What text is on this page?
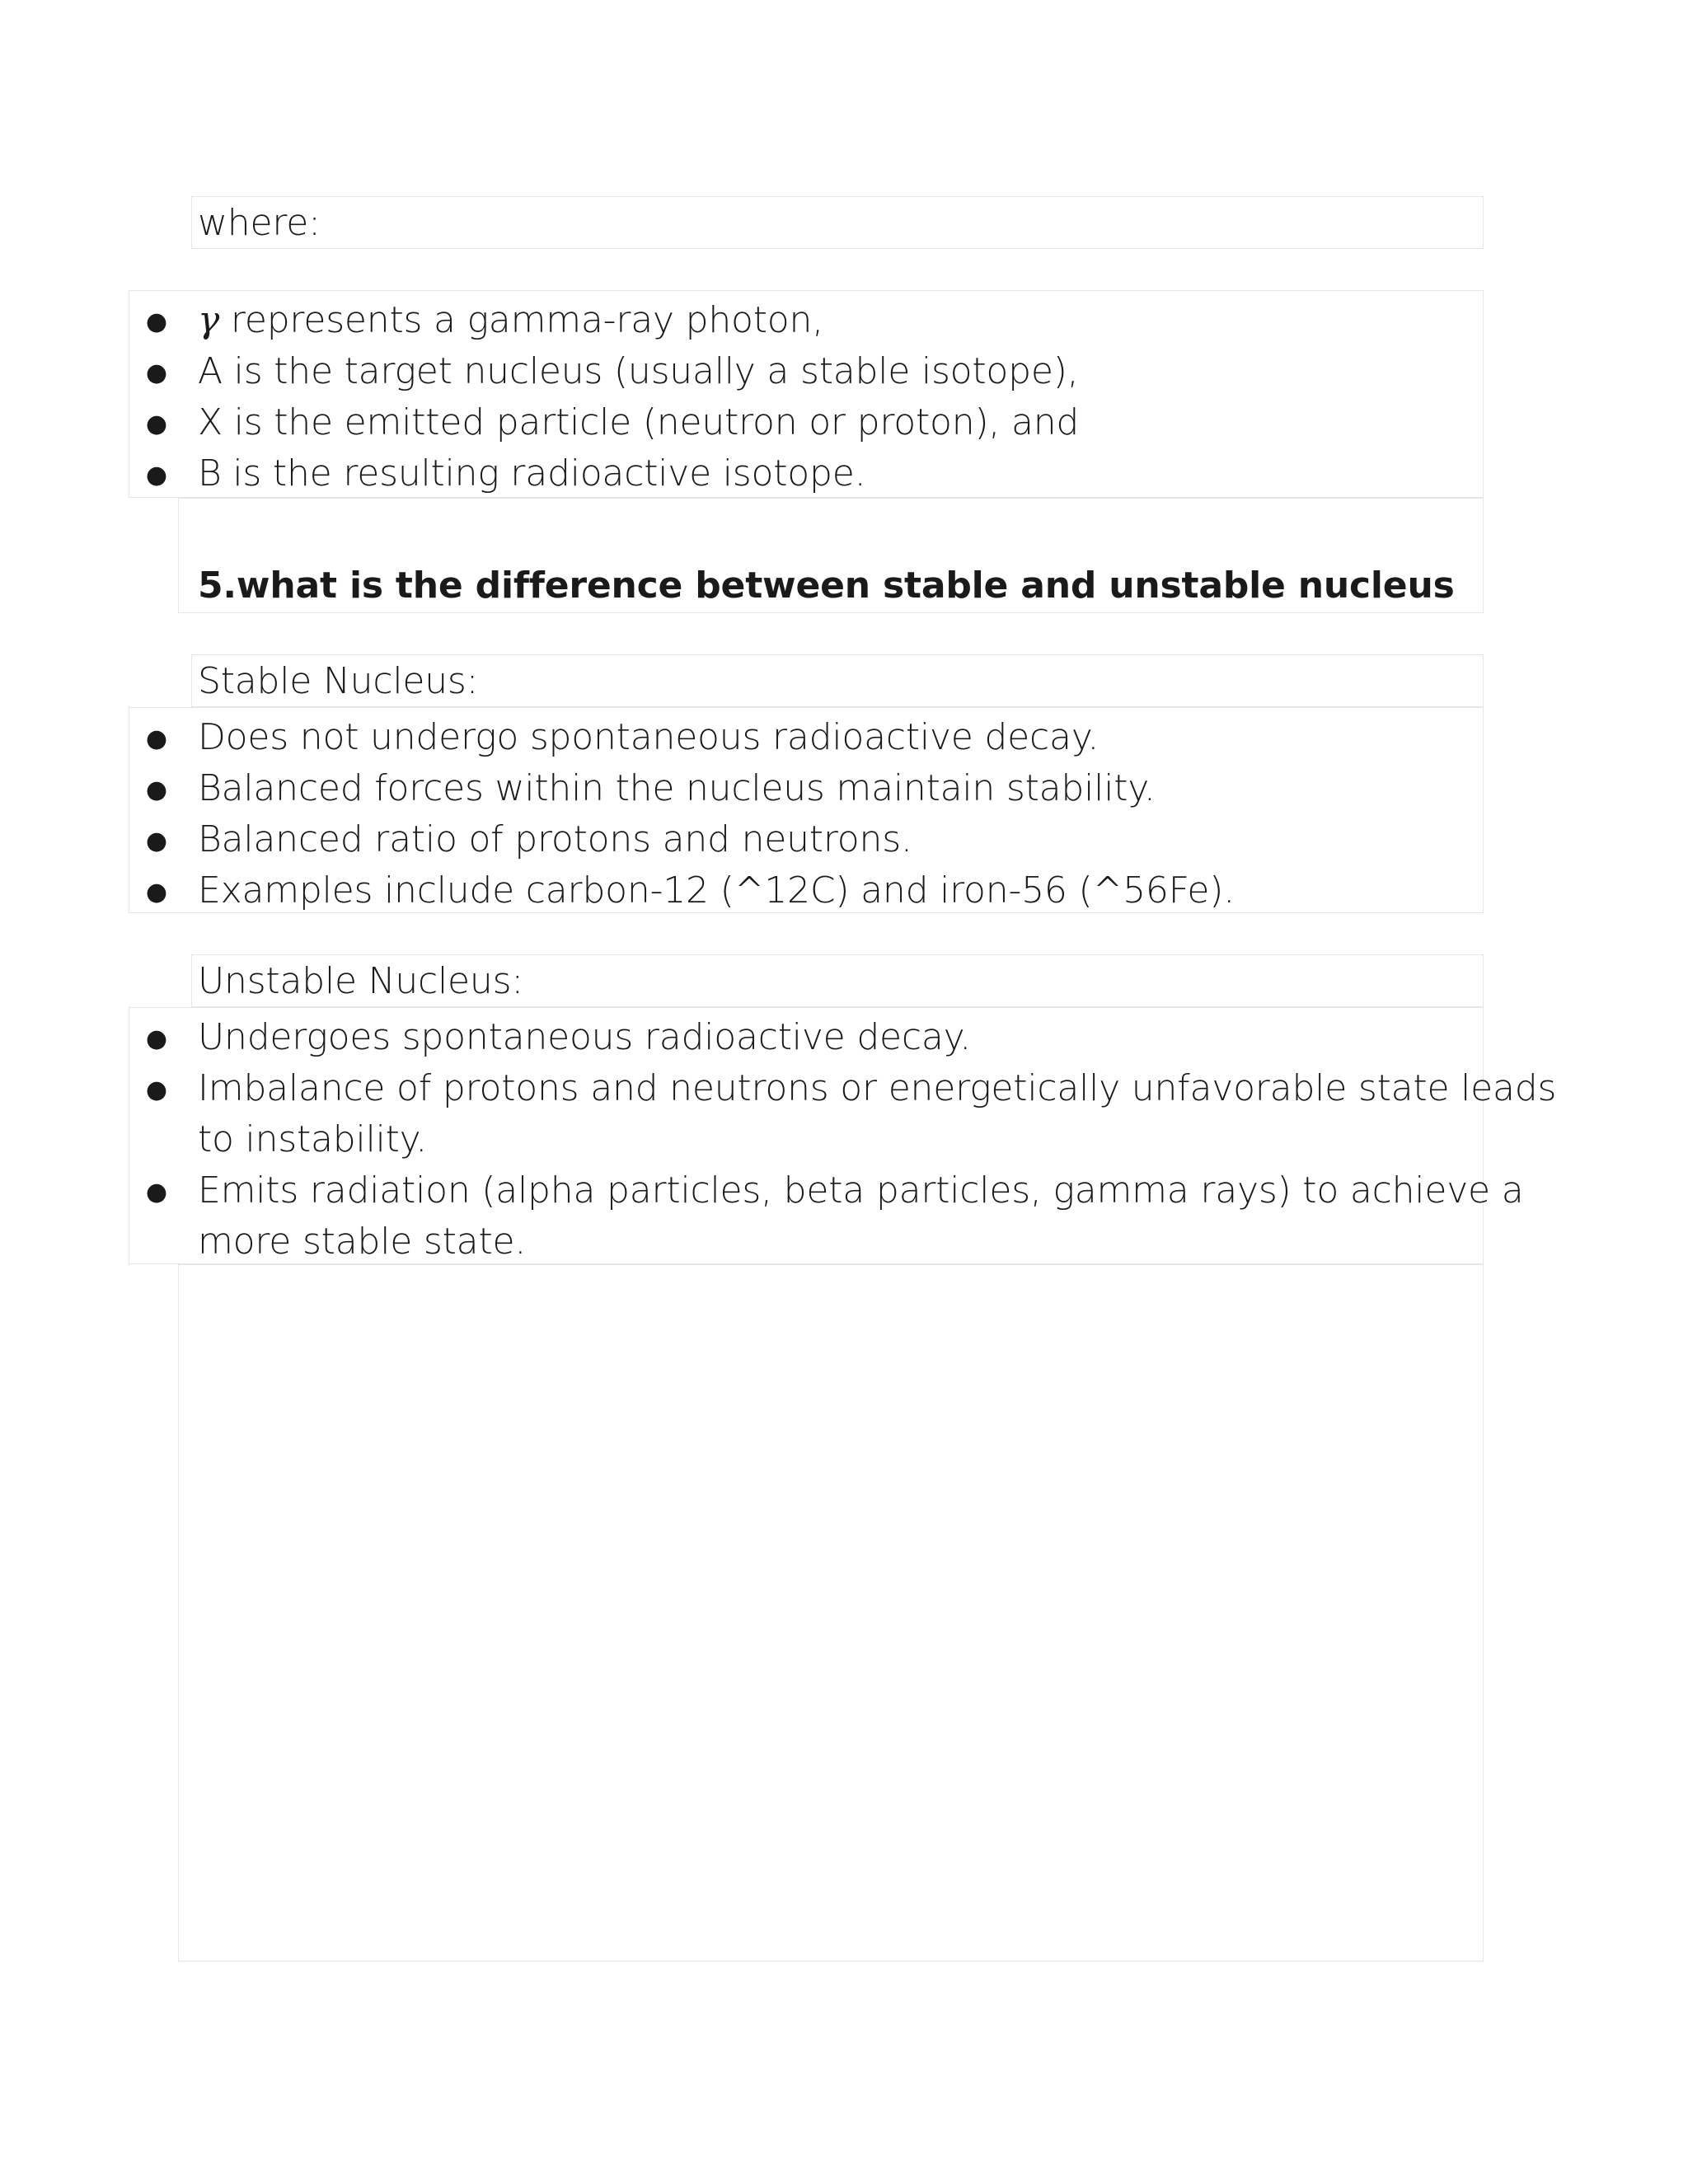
where:
● γ represents a gamma-ray photon,
● A is the target nucleus (usually a stable isotope),
● X is the emitted particle (neutron or proton), and
● B is the resulting radioactive isotope.
5.what is the difference between stable and unstable nucleus
Stable Nucleus:
● Does not undergo spontaneous radioactive decay.
● Balanced forces within the nucleus maintain stability.
● Balanced ratio of protons and neutrons.
● Examples include carbon-12 (^12C) and iron-56 (^56Fe).
Unstable Nucleus:
● Undergoes spontaneous radioactive decay.
● Imbalance of protons and neutrons or energetically unfavorable state leads
to instability.
● Emits radiation (alpha particles, beta particles, gamma rays) to achieve a
more stable state.
